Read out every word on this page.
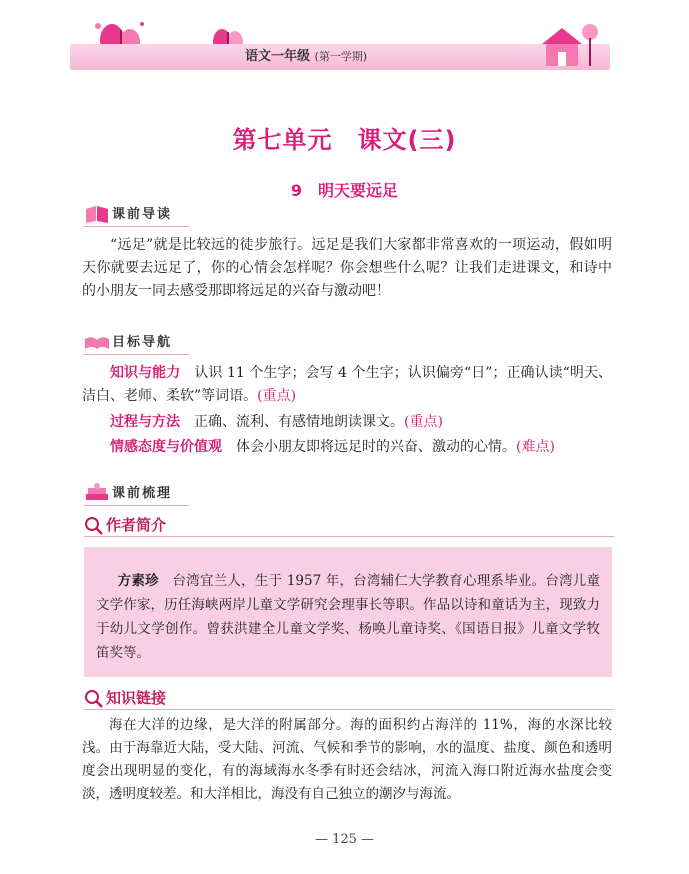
语文一年级 (第一学期)
第七单元　课文(三)
9　明天要远足
课前导读
“远足”就是比较远的徒步旅行。远足是我们大家都非常喜欢的一项运动，假如明天你就要去远足了，你的心情会怎样呢？你会想些什么呢？让我们走进课文，和诗中的小朋友一同去感受那即将远足的兴奋与激动吧！
目标导航
知识与能力　 认识 11 个生字；会写 4 个生字；认识偏旁“日”；正确认读“明天、洁白、老师、柔软”等词语。(重点)
过程与方法　 正确、流利、有感情地朗读课文。(重点)
情感态度与价值观　 体会小朋友即将远足时的兴奋、激动的心情。(难点)
课前梳理
作者简介
方素珍　 台湾宜兰人，生于 1957 年，台湾辅仁大学教育心理系毕业。台湾儿童文学作家，历任海峡两岸儿童文学研究会理事长等职。作品以诗和童话为主，现致力于幼儿文学创作。曾获洪建全儿童文学奖、杨唤儿童诗奖、《国语日报》儿童文学牧笛奖等。
知识链接
海在大洋的边缘，是大洋的附属部分。海的面积约占海洋的 11%，海的水深比较浅。由于海靠近大陆，受大陆、河流、气候和季节的影响，水的温度、盐度、颜色和透明度会出现明显的变化，有的海域海水冬季有时还会结冰，河流入海口附近海水盐度会变淡，透明度较差。和大洋相比，海没有自己独立的潮汐与海流。
— 125 —
